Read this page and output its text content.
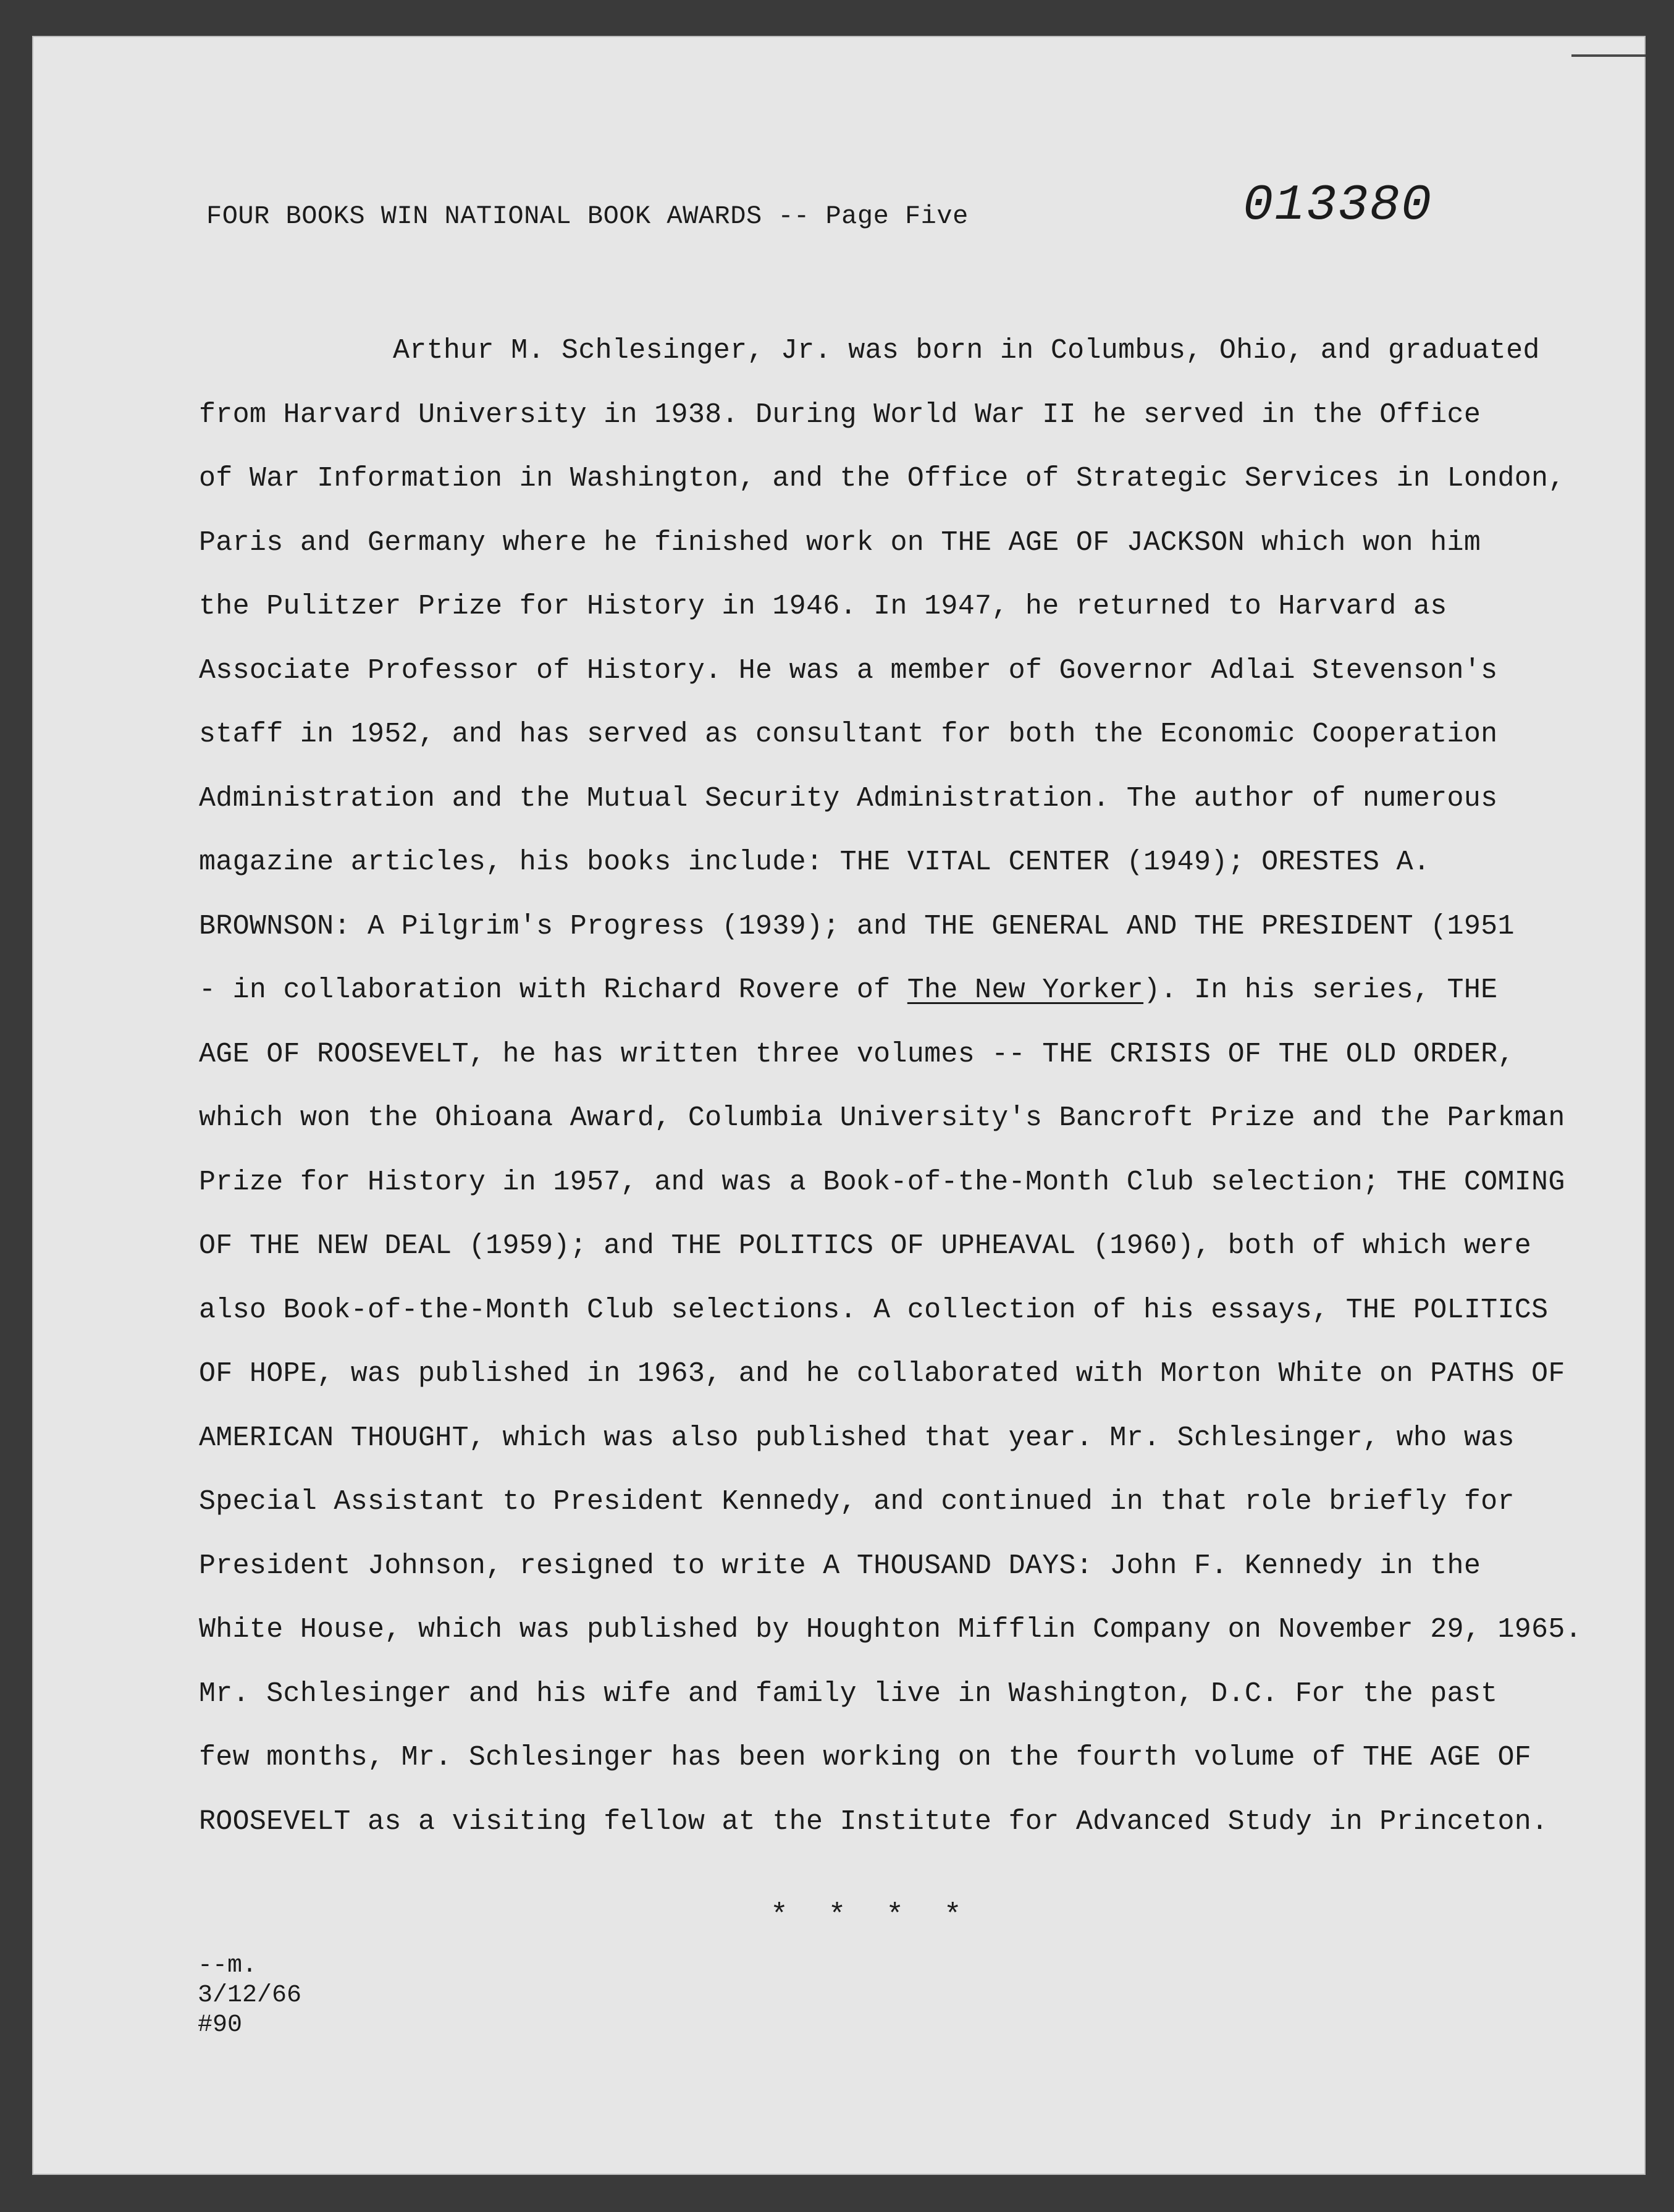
FOUR BOOKS WIN NATIONAL BOOK AWARDS -- Page Five	013380
Arthur M. Schlesinger, Jr. was born in Columbus, Ohio, and graduated
from Harvard University in 1938. During World War II he served in the Office
of War Information in Washington, and the Office of Strategic Services in London,
Paris and Germany where he finished work on THE AGE OF JACKSON which won him
the Pulitzer Prize for History in 1946. In 1947, he returned to Harvard as
Associate Professor of History. He was a member of Governor Adlai Stevenson's
staff in 1952, and has served as consultant for both the Economic Cooperation
Administration and the Mutual Security Administration. The author of numerous
magazine articles, his books include: THE VITAL CENTER (1949); ORESTES A.
BROWNSON: A Pilgrim's Progress (1939); and THE GENERAL AND THE PRESIDENT (1951
- in collaboration with Richard Rovere of The New Yorker). In his series, THE
AGE OF ROOSEVELT, he has written three volumes -- THE CRISIS OF THE OLD ORDER,
which won the Ohioana Award, Columbia University's Bancroft Prize and the Parkman
Prize for History in 1957, and was a Book-of-the-Month Club selection; THE COMING
OF THE NEW DEAL (1959); and THE POLITICS OF UPHEAVAL (1960), both of which were
also Book-of-the-Month Club selections. A collection of his essays, THE POLITICS
OF HOPE, was published in 1963, and he collaborated with Morton White on PATHS OF
AMERICAN THOUGHT, which was also published that year. Mr. Schlesinger, who was
Special Assistant to President Kennedy, and continued in that role briefly for
President Johnson, resigned to write A THOUSAND DAYS: John F. Kennedy in the
White House, which was published by Houghton Mifflin Company on November 29, 1965.
Mr. Schlesinger and his wife and family live in Washington, D.C. For the past
few months, Mr. Schlesinger has been working on the fourth volume of THE AGE OF
ROOSEVELT as a visiting fellow at the Institute for Advanced Study in Princeton.
* * * *
--m.
3/12/66
#90
